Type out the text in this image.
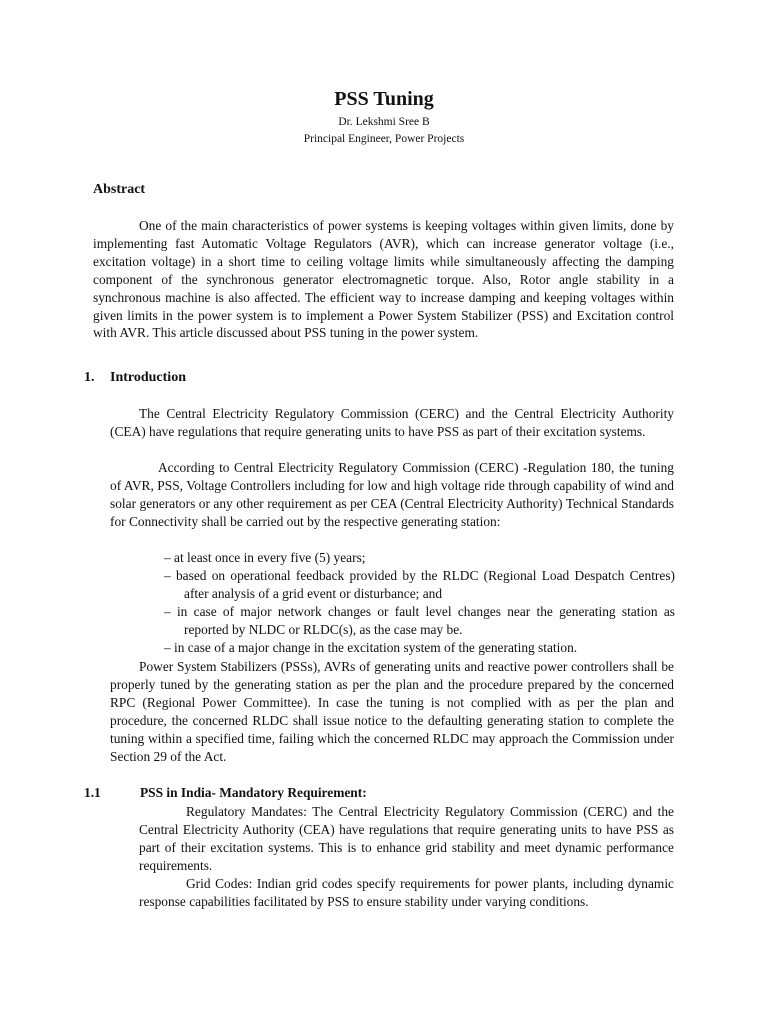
PSS Tuning
Dr. Lekshmi Sree B
Principal Engineer, Power Projects
Abstract

One of the main characteristics of power systems is keeping voltages within given limits, done by implementing fast Automatic Voltage Regulators (AVR), which can increase generator voltage (i.e., excitation voltage) in a short time to ceiling voltage limits while simultaneously affecting the damping component of the synchronous generator electromagnetic torque. Also, Rotor angle stability in a synchronous machine is also affected. The efficient way to increase damping and keeping voltages within given limits in the power system is to implement a Power System Stabilizer (PSS) and Excitation control with AVR. This article discussed about PSS tuning in the power system.

1. Introduction

The Central Electricity Regulatory Commission (CERC) and the Central Electricity Authority (CEA) have regulations that require generating units to have PSS as part of their excitation systems.

According to Central Electricity Regulatory Commission (CERC) -Regulation 180, the tuning of AVR, PSS, Voltage Controllers including for low and high voltage ride through capability of wind and solar generators or any other requirement as per CEA (Central Electricity Authority) Technical Standards for Connectivity shall be carried out by the respective generating station:

– at least once in every five (5) years;
– based on operational feedback provided by the RLDC (Regional Load Despatch Centres) after analysis of a grid event or disturbance; and
– in case of major network changes or fault level changes near the generating station as reported by NLDC or RLDC(s), as the case may be.
– in case of a major change in the excitation system of the generating station.

Power System Stabilizers (PSSs), AVRs of generating units and reactive power controllers shall be properly tuned by the generating station as per the plan and the procedure prepared by the concerned RPC (Regional Power Committee). In case the tuning is not complied with as per the plan and procedure, the concerned RLDC shall issue notice to the defaulting generating station to complete the tuning within a specified time, failing which the concerned RLDC may approach the Commission under Section 29 of the Act.

1.1	PSS in India- Mandatory Requirement:

Regulatory Mandates: The Central Electricity Regulatory Commission (CERC) and the Central Electricity Authority (CEA) have regulations that require generating units to have PSS as part of their excitation systems. This is to enhance grid stability and meet dynamic performance requirements.

Grid Codes: Indian grid codes specify requirements for power plants, including dynamic response capabilities facilitated by PSS to ensure stability under varying conditions.
